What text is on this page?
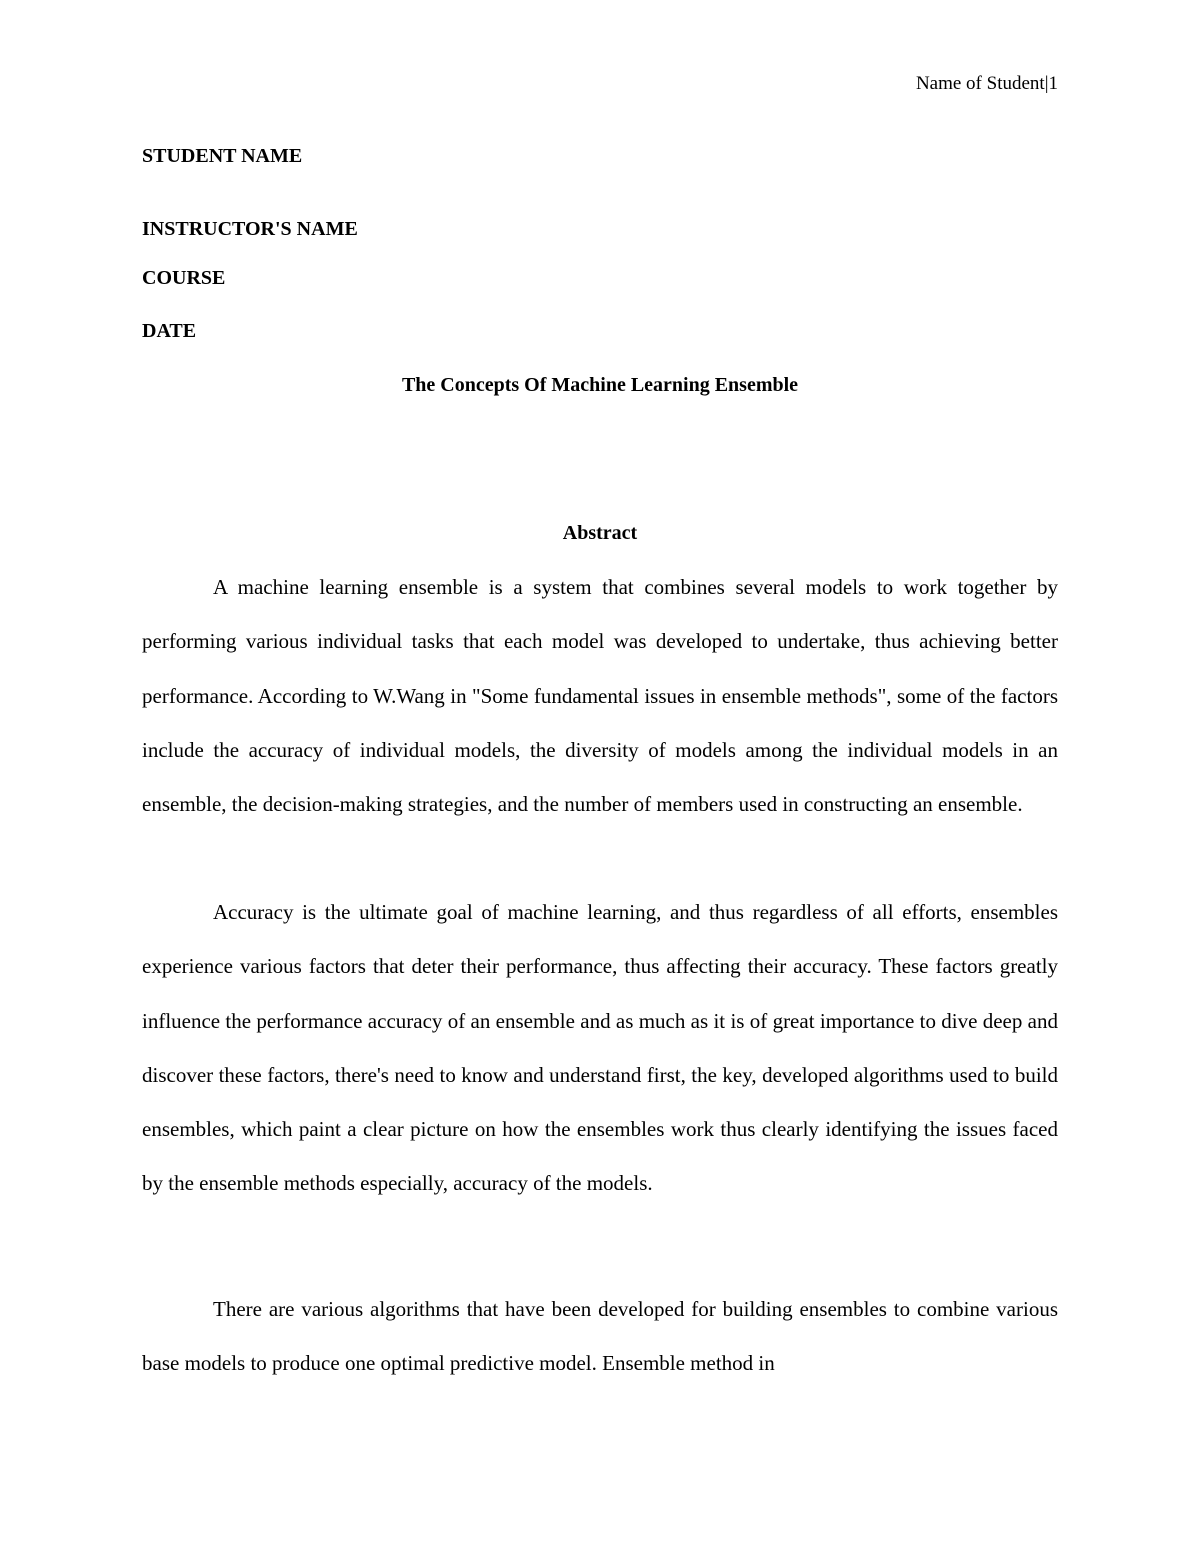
Name of Student|1
STUDENT NAME
INSTRUCTOR'S NAME
COURSE
DATE
The Concepts Of Machine Learning Ensemble
Abstract

A machine learning ensemble is a system that combines several models to work together by performing various individual tasks that each model was developed to undertake, thus achieving better performance. According to W.Wang in "Some fundamental issues in ensemble methods", some of the factors include the accuracy of individual models, the diversity of models among the individual models in an ensemble, the decision-making strategies, and the number of members used in constructing an ensemble.

Accuracy is the ultimate goal of machine learning, and thus regardless of all efforts, ensembles experience various factors that deter their performance, thus affecting their accuracy. These factors greatly influence the performance accuracy of an ensemble and as much as it is of great importance to dive deep and discover these factors, there's need to know and understand first, the key, developed algorithms used to build ensembles, which paint a clear picture on how the ensembles work thus clearly identifying the issues faced by the ensemble methods especially, accuracy of the models.

There are various algorithms that have been developed for building ensembles to combine various base models to produce one optimal predictive model. Ensemble method in
